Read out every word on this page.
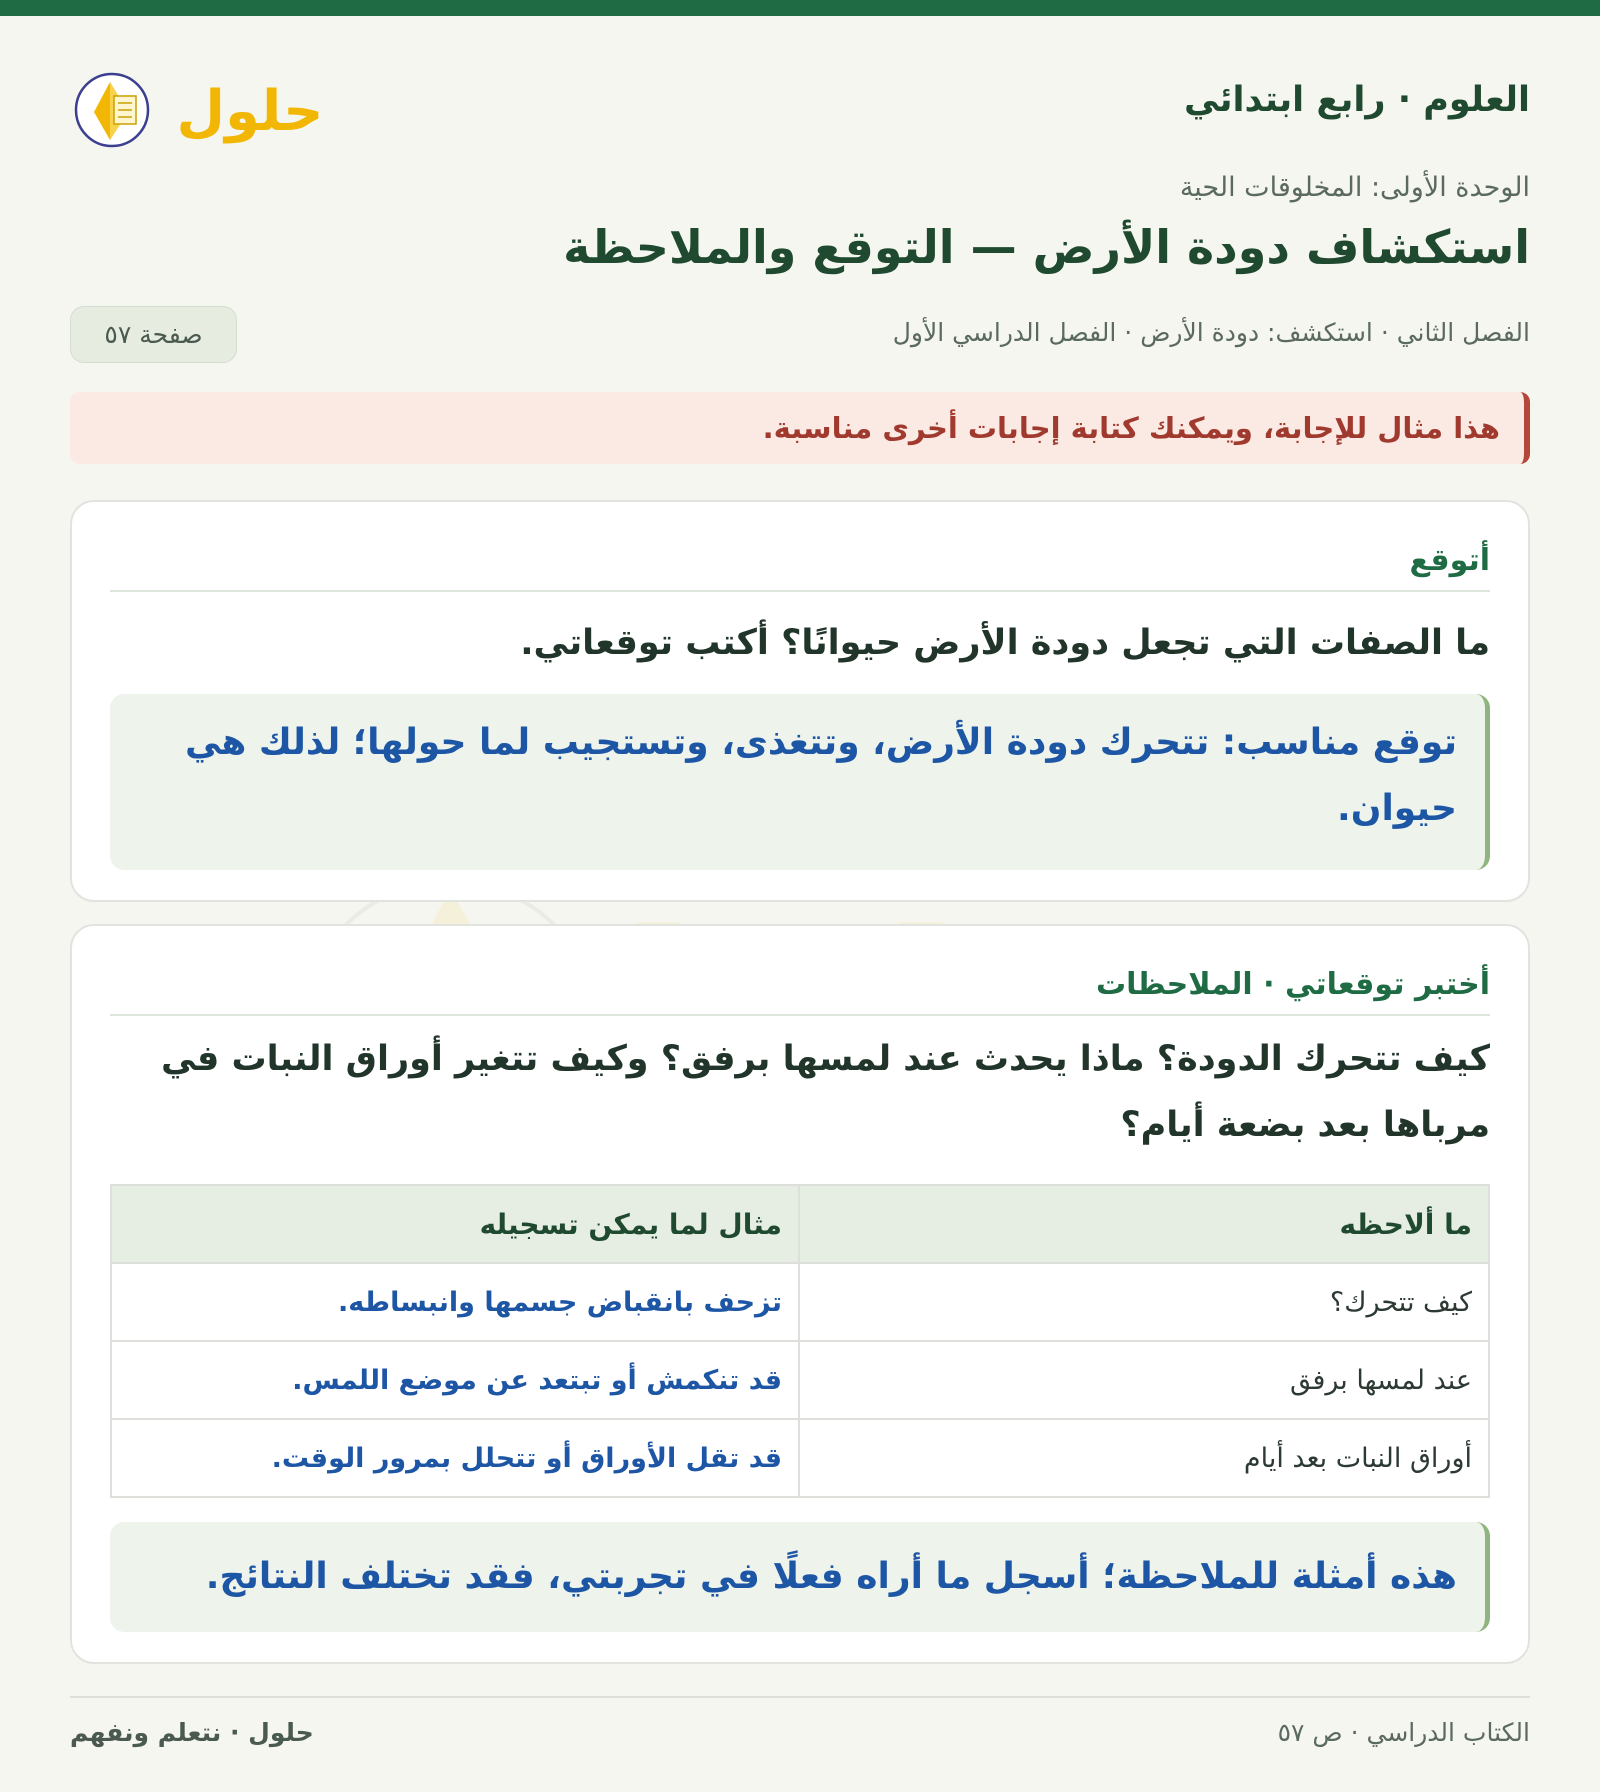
العلوم · رابع ابتدائي
حلول
الوحدة الأولى: المخلوقات الحية
استكشاف دودة الأرض — التوقع والملاحظة
الفصل الثاني · استكشف: دودة الأرض · الفصل الدراسي الأول
صفحة ٥٧
هذا مثال للإجابة، ويمكنك كتابة إجابات أخرى مناسبة.
أتوقع
ما الصفات التي تجعل دودة الأرض حيوانًا؟ أكتب توقعاتي.
توقع مناسب: تتحرك دودة الأرض، وتتغذى، وتستجيب لما حولها؛ لذلك هي حيوان.
أختبر توقعاتي · الملاحظات
كيف تتحرك الدودة؟ ماذا يحدث عند لمسها برفق؟ وكيف تتغير أوراق النبات في مرباها بعد بضعة أيام؟
ما ألاحظه	مثال لما يمكن تسجيله
كيف تتحرك؟	تزحف بانقباض جسمها وانبساطه.
عند لمسها برفق	قد تنكمش أو تبتعد عن موضع اللمس.
أوراق النبات بعد أيام	قد تقل الأوراق أو تتحلل بمرور الوقت.
هذه أمثلة للملاحظة؛ أسجل ما أراه فعلًا في تجربتي، فقد تختلف النتائج.
الكتاب الدراسي · ص ٥٧
حلول · نتعلم ونفهم
